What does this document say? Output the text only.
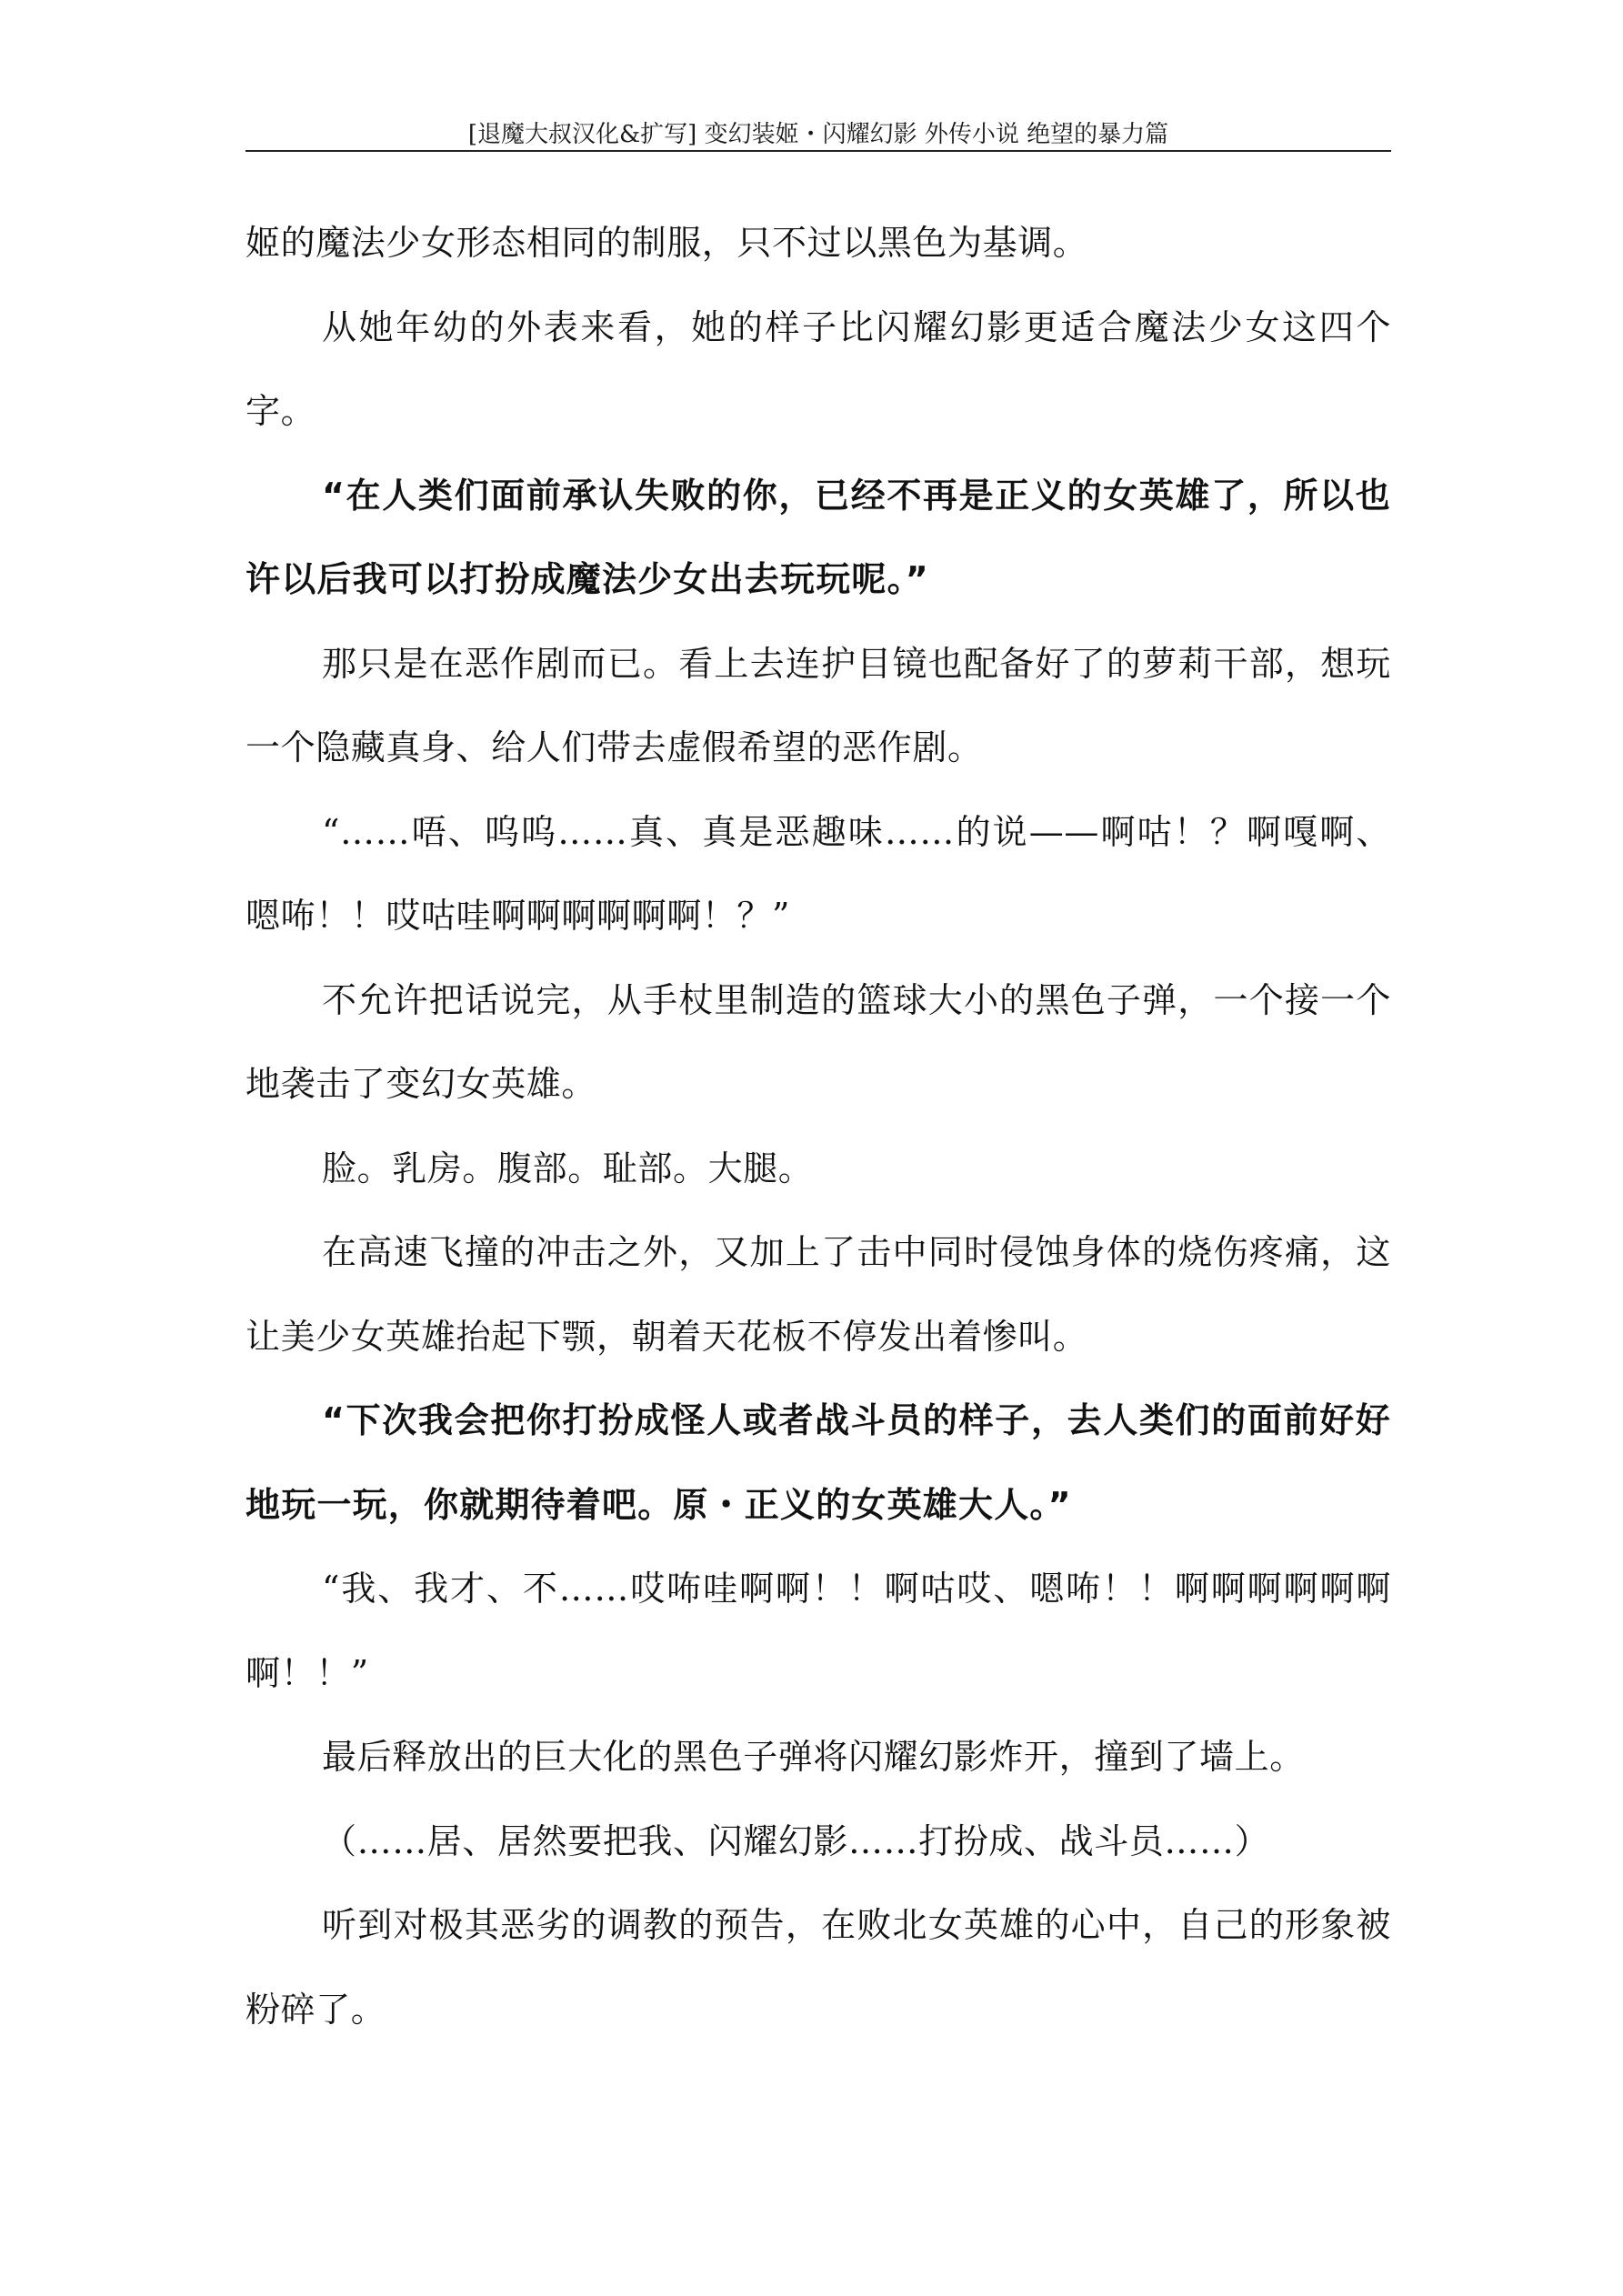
[退魔大叔汉化&扩写] 变幻装姬・闪耀幻影 外传小说 绝望的暴力篇

姬的魔法少女形态相同的制服，只不过以黑色为基调。

从她年幼的外表来看，她的样子比闪耀幻影更适合魔法少女这四个字。

“在人类们面前承认失败的你，已经不再是正义的女英雄了，所以也许以后我可以打扮成魔法少女出去玩玩呢。”

那只是在恶作剧而已。看上去连护目镜也配备好了的萝莉干部，想玩一个隐藏真身、给人们带去虚假希望的恶作剧。

“……唔、呜呜……真、真是恶趣味……的说——啊咕！？啊嘎啊、嗯咘！！哎咕哇啊啊啊啊啊啊！？”

不允许把话说完，从手杖里制造的篮球大小的黑色子弹，一个接一个地袭击了变幻女英雄。

脸。乳房。腹部。耻部。大腿。

在高速飞撞的冲击之外，又加上了击中同时侵蚀身体的烧伤疼痛，这让美少女英雄抬起下颚，朝着天花板不停发出着惨叫。

“下次我会把你打扮成怪人或者战斗员的样子，去人类们的面前好好地玩一玩，你就期待着吧。原・正义的女英雄大人。”

“我、我才、不……哎咘哇啊啊！！啊咕哎、嗯咘！！啊啊啊啊啊啊啊！！”

最后释放出的巨大化的黑色子弹将闪耀幻影炸开，撞到了墙上。

（……居、居然要把我、闪耀幻影……打扮成、战斗员……）

听到对极其恶劣的调教的预告，在败北女英雄的心中，自己的形象被粉碎了。
